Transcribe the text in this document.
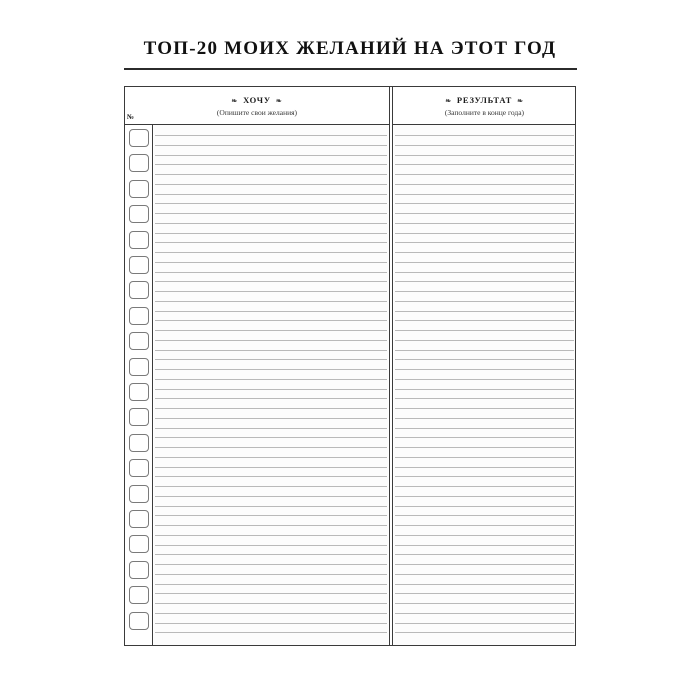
ТОП-20 МОИХ ЖЕЛАНИЙ НА ЭТОТ ГОД
❧ ХОЧУ ❧
(Опишите свои желания)
❧ РЕЗУЛЬТАТ ❧
(Заполните в конце года)
№
